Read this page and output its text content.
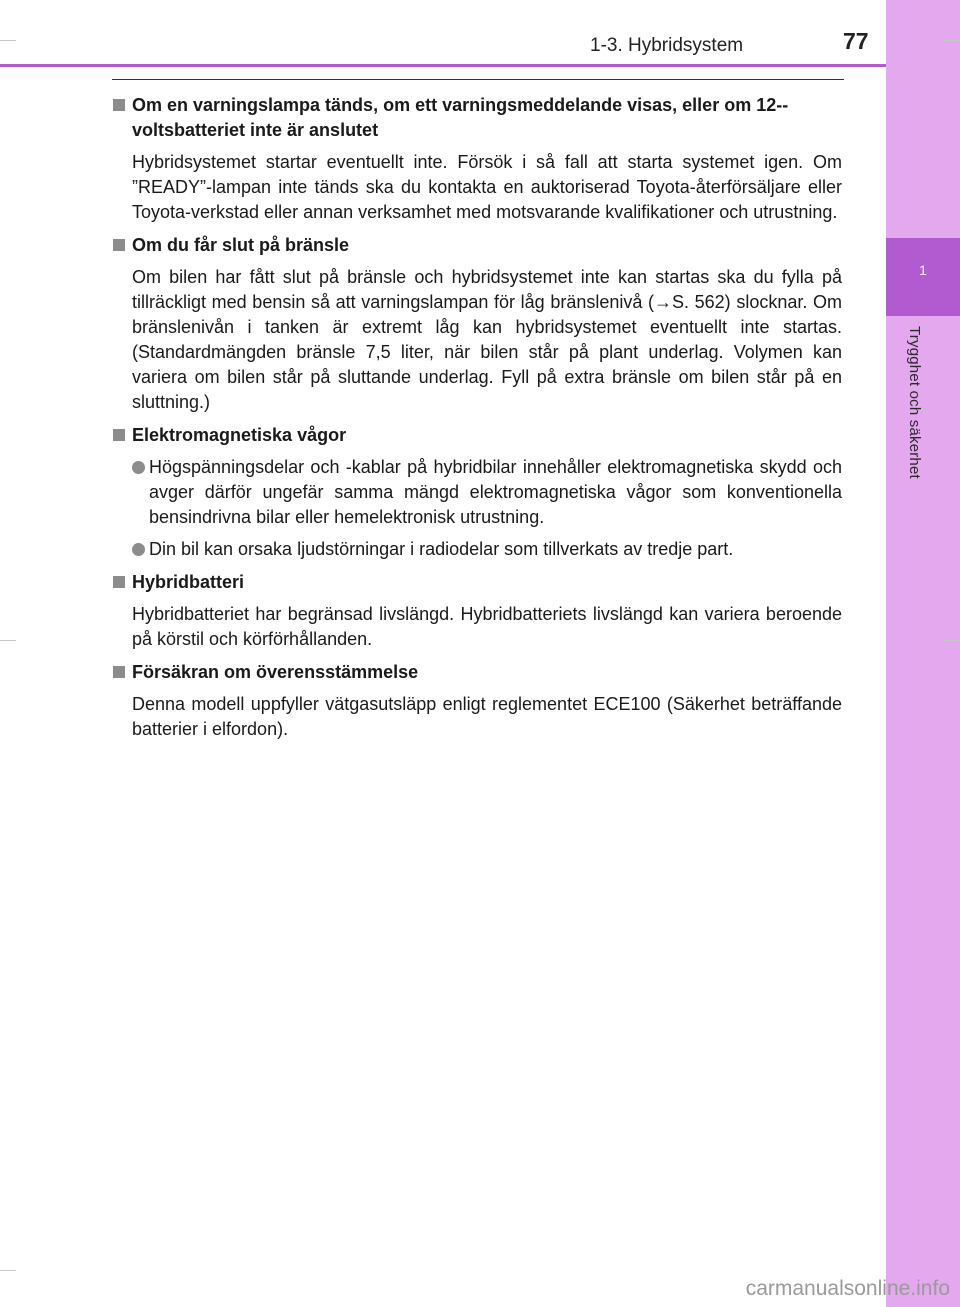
1
Trygghet och säkerhet
1-3. Hybridsystem	77
Om en varningslampa tänds, om ett varningsmeddelande visas, eller om 12--voltsbatteriet inte är anslutet
Hybridsystemet startar eventuellt inte. Försök i så fall att starta systemet igen. Om ”READY”-lampan inte tänds ska du kontakta en auktoriserad Toyota-återförsäljare eller Toyota-verkstad eller annan verksamhet med motsvarande kvalifikationer och utrustning.
Om du får slut på bränsle
Om bilen har fått slut på bränsle och hybridsystemet inte kan startas ska du fylla på tillräckligt med bensin så att varningslampan för låg bränslenivå (→S. 562) slocknar. Om bränslenivån i tanken är extremt låg kan hybridsystemet eventuellt inte startas. (Standardmängden bränsle 7,5 liter, när bilen står på plant underlag. Volymen kan variera om bilen står på sluttande underlag. Fyll på extra bränsle om bilen står på en sluttning.)
Elektromagnetiska vågor
Högspänningsdelar och -kablar på hybridbilar innehåller elektromagnetiska skydd och avger därför ungefär samma mängd elektromagnetiska vågor som konventionella bensindrivna bilar eller hemelektronisk utrustning.
Din bil kan orsaka ljudstörningar i radiodelar som tillverkats av tredje part.
Hybridbatteri
Hybridbatteriet har begränsad livslängd. Hybridbatteriets livslängd kan variera beroende på körstil och körförhållanden.
Försäkran om överensstämmelse
Denna modell uppfyller vätgasutsläpp enligt reglementet ECE100 (Säkerhet beträffande batterier i elfordon).
carmanualsonline.info
